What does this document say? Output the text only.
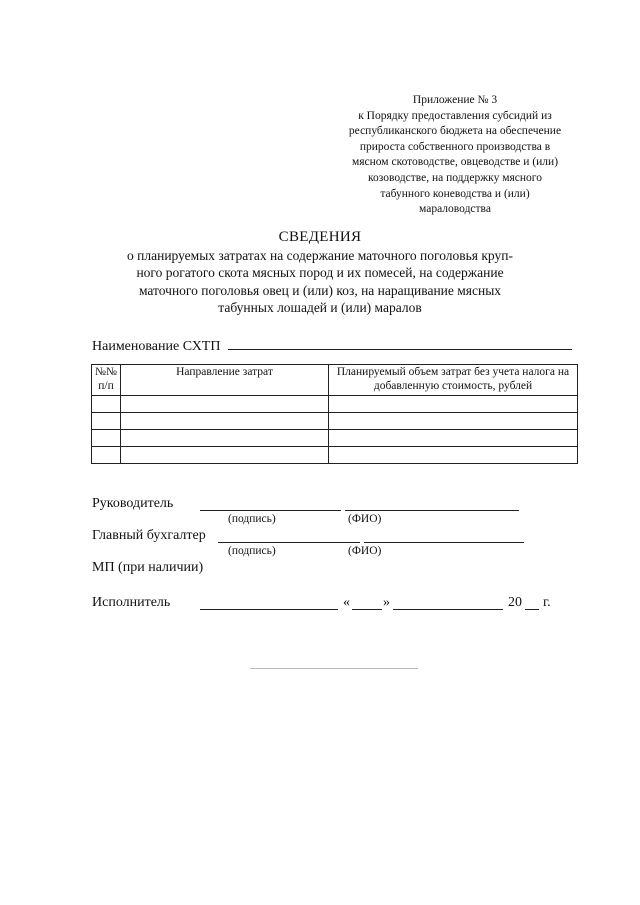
Приложение № 3
к Порядку предоставления субсидий из
республиканского бюджета на обеспечение
прироста собственного производства в
мясном скотоводстве, овцеводстве и (или)
козоводстве, на поддержку мясного
табунного коневодства и (или)
мараловодства
СВЕДЕНИЯ
о планируемых затратах на содержание маточного поголовья круп-
ного рогатого скота мясных пород и их помесей, на содержание
маточного поголовья овец и (или) коз, на наращивание мясных
табунных лошадей и (или) маралов
Наименование СХТП
№№ п/п	Направление затрат	Планируемый объем затрат без учета налога на добавленную стоимость, рублей

Руководитель
(подпись)	(ФИО)
Главный бухгалтер
(подпись)	(ФИО)
МП (при наличии)
Исполнитель	« »	20 г.
